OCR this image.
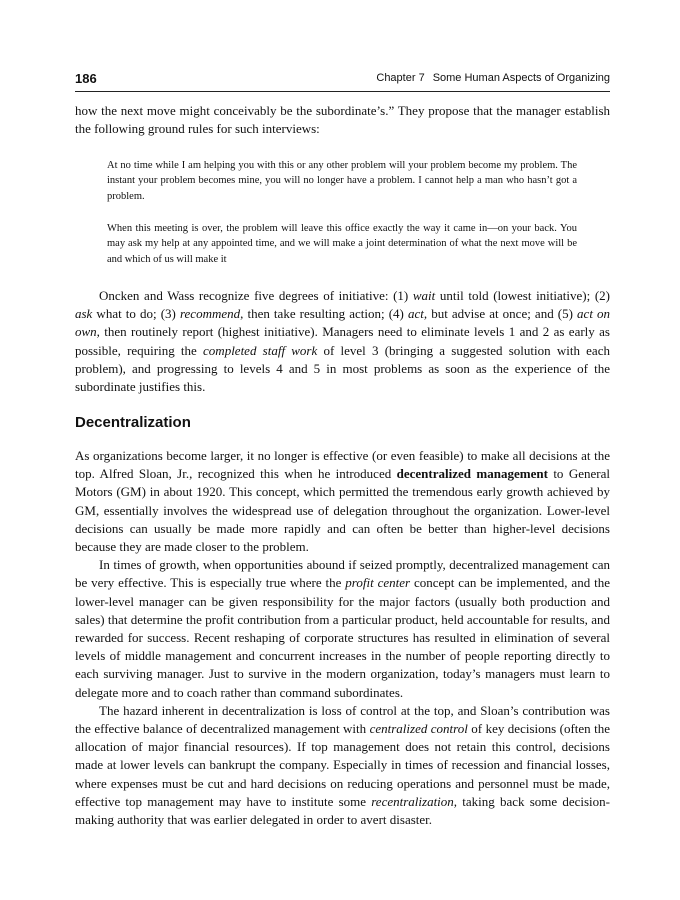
186	Chapter 7 Some Human Aspects of Organizing

how the next move might conceivably be the subordinate’s.” They propose that the manager establish the following ground rules for such interviews:

At no time while I am helping you with this or any other problem will your problem become my problem. The instant your problem becomes mine, you will no longer have a problem. I cannot help a man who hasn’t got a problem.

When this meeting is over, the problem will leave this office exactly the way it came in—on your back. You may ask my help at any appointed time, and we will make a joint determination of what the next move will be and which of us will make it

Oncken and Wass recognize five degrees of initiative: (1) wait until told (lowest initiative); (2) ask what to do; (3) recommend, then take resulting action; (4) act, but advise at once; and (5) act on own, then routinely report (highest initiative). Managers need to eliminate levels 1 and 2 as early as possible, requiring the completed staff work of level 3 (bringing a suggested solution with each problem), and progressing to levels 4 and 5 in most problems as soon as the experience of the subordinate justifies this.

Decentralization

As organizations become larger, it no longer is effective (or even feasible) to make all decisions at the top. Alfred Sloan, Jr., recognized this when he introduced decentralized management to General Motors (GM) in about 1920. This concept, which permitted the tremendous early growth achieved by GM, essentially involves the widespread use of delegation throughout the organization. Lower-level decisions can usually be made more rapidly and can often be better than higher-level decisions because they are made closer to the problem.

In times of growth, when opportunities abound if seized promptly, decentralized management can be very effective. This is especially true where the profit center concept can be implemented, and the lower-level manager can be given responsibility for the major factors (usually both production and sales) that determine the profit contribution from a particular product, held accountable for results, and rewarded for success. Recent reshaping of corporate structures has resulted in elimination of several levels of middle management and concurrent increases in the number of people reporting directly to each surviving manager. Just to survive in the modern organization, today’s managers must learn to delegate more and to coach rather than command subordinates.

The hazard inherent in decentralization is loss of control at the top, and Sloan’s contribution was the effective balance of decentralized management with centralized control of key decisions (often the allocation of major financial resources). If top management does not retain this control, decisions made at lower levels can bankrupt the company. Especially in times of recession and financial losses, where expenses must be cut and hard decisions on reducing operations and personnel must be made, effective top management may have to institute some recentralization, taking back some decision-making authority that was earlier delegated in order to avert disaster.
